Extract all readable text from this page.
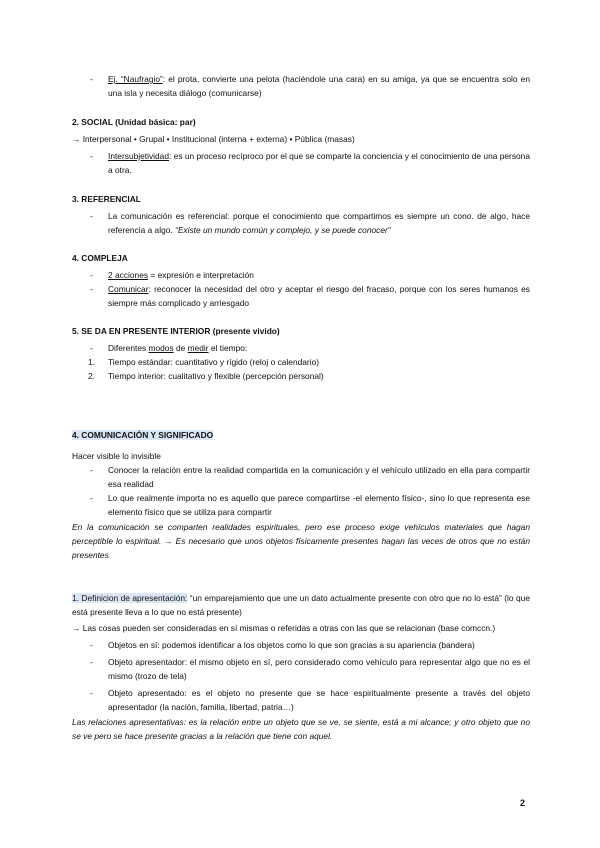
- Ej. “Naufragio”: el prota, convierte una pelota (haciéndole una cara) en su amiga, ya que se encuentra solo en una isla y necesita diálogo (comunicarse)
2. SOCIAL (Unidad básica: par)
→ Interpersonal • Grupal • Institucional (interna + externa) • Pública (masas)
- Intersubjetividad: es un proceso recíproco por el que se comparte la conciencia y el conocimiento de una persona a otra.
3. REFERENCIAL
- La comunicación es referencial: porque el conocimiento que compartimos es siempre un cono. de algo, hace referencia a algo. “Existe un mundo común y complejo, y se puede conocer”
4. COMPLEJA
- 2 acciones = expresión e interpretación
- Comunicar: reconocer la necesidad del otro y aceptar el riesgo del fracaso, porque con los seres humanos es siempre más complicado y arriesgado
5. SE DA EN PRESENTE INTERIOR (presente vivido)
- Diferentes modos de medir el tiempo:
1. Tiempo estándar: cuantitativo y rígido (reloj o calendario)
2. Tiempo interior: cualitativo y flexible (percepción personal)
4. COMUNICACIÓN Y SIGNIFICADO
Hacer visible lo invisible
- Conocer la relación entre la realidad compartida en la comunicación y el vehículo utilizado en ella para compartir esa realidad
- Lo que realmente importa no es aquello que parece compartirse -el elemento físico-, sino lo que representa ese elemento físico que se utiliza para compartir
En la comunicación se comparten realidades espirituales, pero ese proceso exige vehículos materiales que hagan perceptible lo espiritual. → Es necesario que unos objetos físicamente presentes hagan las veces de otros que no están presentes
1. Definicion de apresentación: “un emparejamiento que une un dato actualmente presente con otro que no lo está” (lo que está presente lleva a lo que no está presente)
→ Las cosas pueden ser consideradas en sí mismas o referidas a otras con las que se relacionan (base comccn.)
- Objetos en sí: podemos identificar a los objetos como lo que son gracias a su apariencia (bandera)
- Objeto apresentador: el mismo objeto en sí, pero considerado como vehículo para representar algo que no es el mismo (trozo de tela)
- Objeto apresentado: es el objeto no presente que se hace espiritualmente presente a través del objeto apresentador (la nación, familia, libertad, patria…)
Las relaciones apresentativas: es la relación entre un objeto que se ve, se siente, está a mi alcance; y otro objeto que no se ve pero se hace presente gracias a la relación que tiene con aquel.
2
